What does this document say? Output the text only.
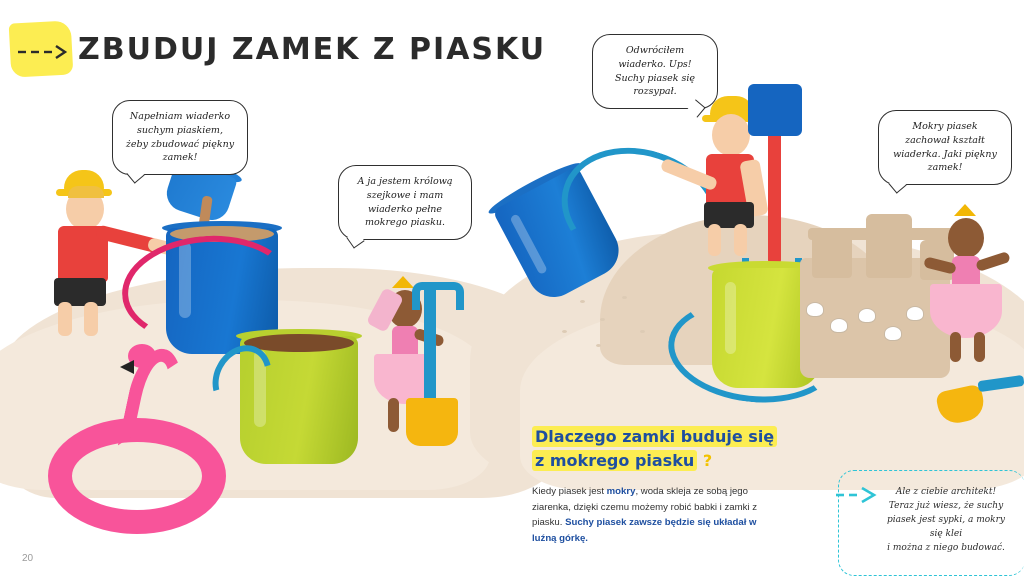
ZBUDUJ ZAMEK Z PIASKU
20
Napełniam wiaderko suchym piaskiem, żeby zbudować piękny zamek!
A ja jestem królową szejkowe i mam wiaderko pełne mokrego piasku.
Odwróciłem wiaderko. Ups! Suchy piasek się rozsypał.
Mokry piasek zachował kształt wiaderka. Jaki piękny zamek!
Dlaczego zamki buduje się
z mokrego piasku ?
Kiedy piasek jest mokry, woda skleja ze sobą jego ziarenka, dzięki czemu możemy robić babki i zamki z piasku. Suchy piasek zawsze będzie się układał w luźną górkę.
Ale z ciebie architekt!
Teraz już wiesz, że suchy
piasek jest sypki, a mokry się klei
i można z niego budować.
